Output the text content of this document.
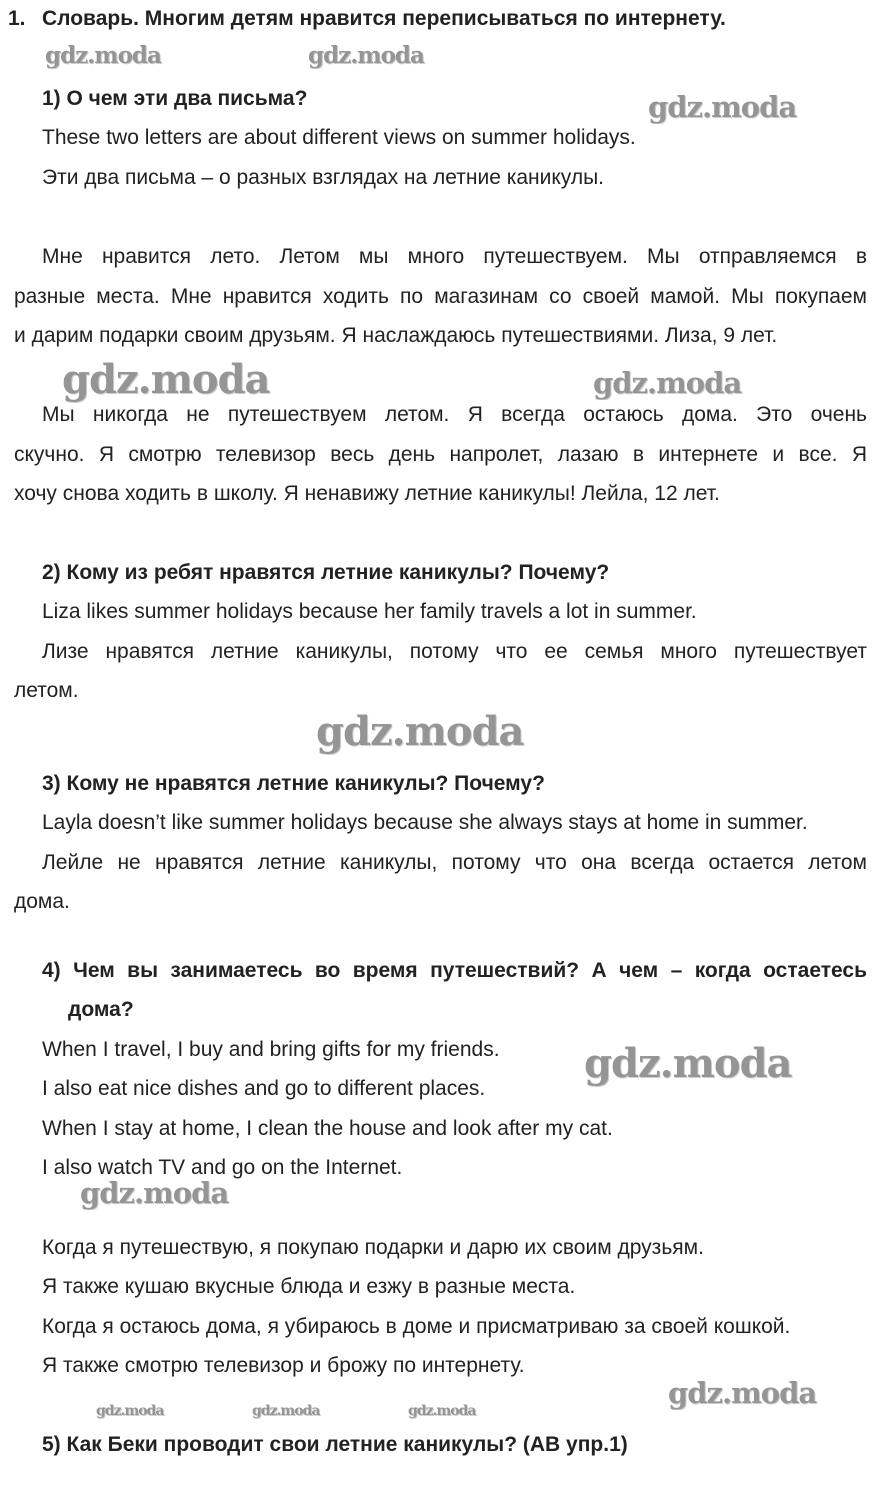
1. Словарь. Многим детям нравится переписываться по интернету.
gdz.moda	gdz.moda
gdz.moda
1) О чем эти два письма?
These two letters are about different views on summer holidays.
Эти два письма – о разных взглядах на летние каникулы.
Мне нравится лето. Летом мы много путешествуем. Мы отправляемся в
разные места. Мне нравится ходить по магазинам со своей мамой. Мы покупаем
и дарим подарки своим друзьям. Я наслаждаюсь путешествиями. Лиза, 9 лет.
gdz.moda	gdz.moda
Мы никогда не путешествуем летом. Я всегда остаюсь дома. Это очень
скучно. Я смотрю телевизор весь день напролет, лазаю в интернете и все. Я
хочу снова ходить в школу. Я ненавижу летние каникулы! Лейла, 12 лет.
2) Кому из ребят нравятся летние каникулы? Почему?
Liza likes summer holidays because her family travels a lot in summer.
Лизе нравятся летние каникулы, потому что ее семья много путешествует
летом.
gdz.moda
3) Кому не нравятся летние каникулы? Почему?
Layla doesn’t like summer holidays because she always stays at home in summer.
Лейле не нравятся летние каникулы, потому что она всегда остается летом
дома.
4) Чем вы занимаетесь во время путешествий? А чем – когда остаетесь
дома?
When I travel, I buy and bring gifts for my friends.
I also eat nice dishes and go to different places.
When I stay at home, I clean the house and look after my cat.
I also watch TV and go on the Internet.
gdz.moda
gdz.moda
Когда я путешествую, я покупаю подарки и дарю их своим друзьям.
Я также кушаю вкусные блюда и езжу в разные места.
Когда я остаюсь дома, я убираюсь в доме и присматриваю за своей кошкой.
Я также смотрю телевизор и брожу по интернету.
gdz.moda
gdz.moda	gdz.moda	gdz.moda
5) Как Беки проводит свои летние каникулы? (AB упр.1)
